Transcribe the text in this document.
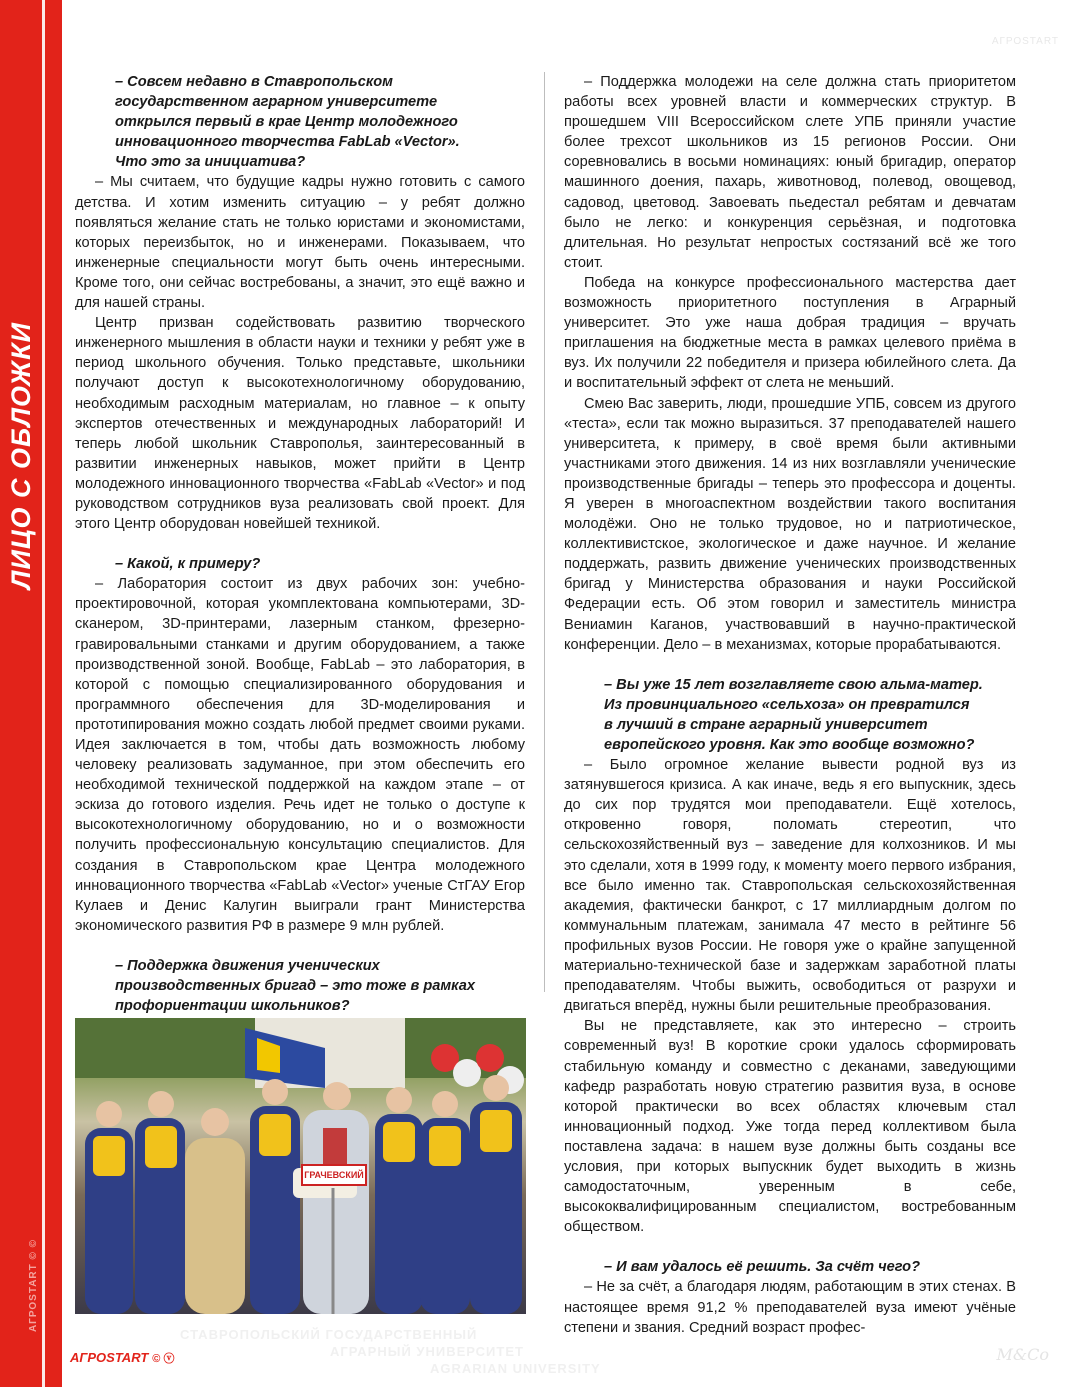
ЛИЦО С ОБЛОЖКИ
АГРОSTART © ©
АГРОSTART

– Совсем недавно в Ставропольском
государственном аграрном университете
открылся первый в крае Центр молодежного
инновационного творчества FabLab «Vector».
Что это за инициатива?

– Мы считаем, что будущие кадры нужно готовить с самого детства. И хотим изменить ситуацию – у ребят должно появляться желание стать не только юристами и экономистами, которых переизбыток, но и инженерами. Показываем, что инженерные специальности могут быть очень интересными. Кроме того, они сейчас востребованы, а значит, это ещё важно и для нашей страны.

Центр призван содействовать развитию творческого инженерного мышления в области науки и техники у ребят уже в период школьного обучения. Только представьте, школьники получают доступ к высокотехнологичному оборудованию, необходимым расходным материалам, но главное – к опыту экспертов отечественных и международных лабораторий! И теперь любой школьник Ставрополья, заинтересованный в развитии инженерных навыков, может прийти в Центр молодежного инновационного творчества «FabLab «Vector» и под руководством сотрудников вуза реализовать свой проект. Для этого Центр оборудован новейшей техникой.

– Какой, к примеру?

– Лаборатория состоит из двух рабочих зон: учебно-проектировочной, которая укомплектована компьютерами, 3D-сканером, 3D-принтерами, лазерным станком, фрезерно-гравировальными станками и другим оборудованием, а также производственной зоной. Вообще, FabLab – это лаборатория, в которой с помощью специализированного оборудования и программного обеспечения для 3D-моделирования и прототипирования можно создать любой предмет своими руками. Идея заключается в том, чтобы дать возможность любому человеку реализовать задуманное, при этом обеспечить его необходимой технической поддержкой на каждом этапе – от эскиза до готового изделия. Речь идет не только о доступе к высокотехнологичному оборудованию, но и о возможности получить профессиональную консультацию специалистов. Для создания в Ставропольском крае Центра молодежного инновационного творчества «FabLab «Vector» ученые СтГАУ Егор Кулаев и Денис Калугин выиграли грант Министерства экономического развития РФ в размере 9 млн рублей.

– Поддержка движения ученических
производственных бригад – это тоже в рамках
профориентации школьников?

– Поддержка молодежи на селе должна стать приоритетом работы всех уровней власти и коммерческих структур. В прошедшем VIII Всероссийском слете УПБ приняли участие более трехсот школьников из 15 регионов России. Они соревновались в восьми номинациях: юный бригадир, оператор машинного доения, пахарь, животновод, полевод, овощевод, садовод, цветовод. Завоевать пьедестал ребятам и девчатам было не легко: и конкуренция серьёзная, и подготовка длительная. Но результат непростых состязаний всё же того стоит.

Победа на конкурсе профессионального мастерства дает возможность приоритетного поступления в Аграрный университет. Это уже наша добрая традиция – вручать приглашения на бюджетные места в рамках целевого приёма в вуз. Их получили 22 победителя и призера юбилейного слета. Да и воспитательный эффект от слета не меньший.

Смею Вас заверить, люди, прошедшие УПБ, совсем из другого «теста», если так можно выразиться. 37 преподавателей нашего университета, к примеру, в своё время были активными участниками этого движения. 14 из них возглавляли ученические производственные бригады – теперь это профессора и доценты. Я уверен в многоаспектном воздействии такого воспитания молодёжи. Оно не только трудовое, но и патриотическое, коллективистское, экологическое и даже научное. И желание поддержать, развить движение ученических производственных бригад у Министерства образования и науки Российской Федерации есть. Об этом говорил и заместитель министра Вениамин Каганов, участвовавший в научно-практической конференции. Дело – в механизмах, которые прорабатываются.

– Вы уже 15 лет возглавляете свою альма-матер.
Из провинциального «сельхоза» он превратился
в лучший в стране аграрный университет
европейского уровня. Как это вообще возможно?

– Было огромное желание вывести родной вуз из затянувшегося кризиса. А как иначе, ведь я его выпускник, здесь до сих пор трудятся мои преподаватели. Ещё хотелось, откровенно говоря, поломать стереотип, что сельскохозяйственный вуз – заведение для колхозников. И мы это сделали, хотя в 1999 году, к моменту моего первого избрания, все было именно так. Ставропольская сельскохозяйственная академия, фактически банкрот, с 17 миллиардным долгом по коммунальным платежам, занимала 47 место в рейтинге 56 профильных вузов России. Не говоря уже о крайне запущенной материально-технической базе и задержкам заработной платы преподавателям. Чтобы выжить, освободиться от разрухи и двигаться вперёд, нужны были решительные преобразования.

Вы не представляете, как это интересно – строить современный вуз! В короткие сроки удалось сформировать стабильную команду и совместно с деканами, заведующими кафедр разработать новую стратегию развития вуза, в основе которой практически во всех областях ключевым стал инновационный подход. Уже тогда перед коллективом была поставлена задача: в нашем вузе должны быть созданы все условия, при которых выпускник будет выходить в жизнь самодостаточным, уверенным в себе, высококвалифицированным специалистом, востребованным обществом.

– И вам удалось её решить. За счёт чего?

– Не за счёт, а благодаря людям, работающим в этих стенах. В настоящее время 91,2 % преподавателей вуза имеют учёные степени и звания. Средний возраст профес-

ГРАЧЕВСКИЙ
СТАВРОПОЛЬСКИЙ ГОСУДАРСТВЕННЫЙ
АГРАРНЫЙ УНИВЕРСИТЕТ
AGRARIAN UNIVERSITY
АГРОSTART © ⓥ	M&Co
